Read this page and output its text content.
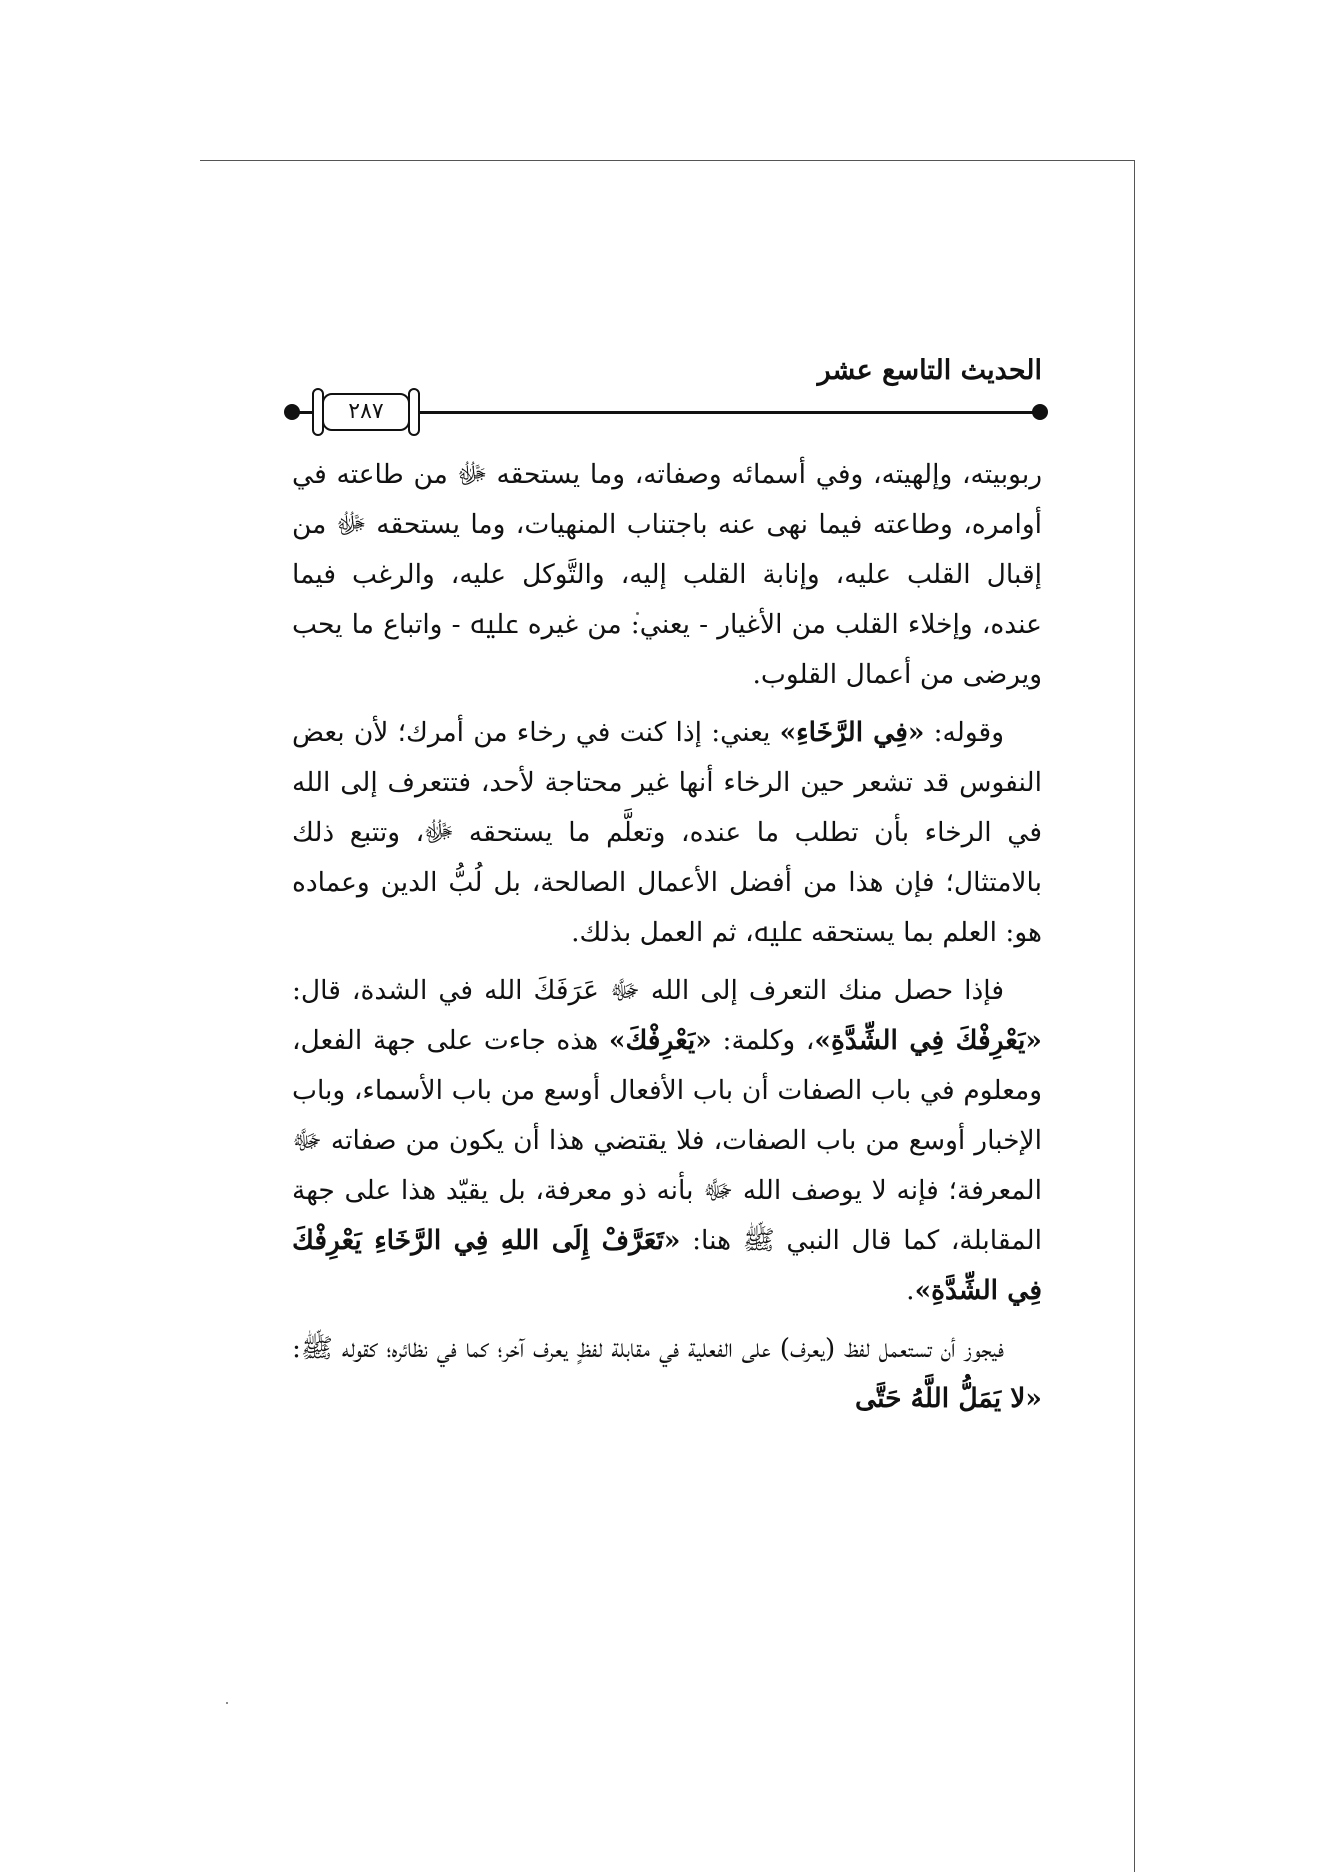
الحديث التاسع عشر
٢٨٧

ربوبيته، وإلهيته، وفي أسمائه وصفاته، وما يستحقه ﷻ من طاعته في أوامره، وطاعته فيما نهى عنه باجتناب المنهيات، وما يستحقه ﷻ من إقبال القلب عليه، وإنابة القلب إليه، والتَّوكل عليه، والرغب فيما عنده، وإخلاء القلب من الأغيار - يعني: من غيره ﷷ - واتباع ما يحب ويرضى من أعمال القلوب.

وقوله: «فِي الرَّخَاءِ» يعني: إذا كنت في رخاء من أمرك؛ لأن بعض النفوس قد تشعر حين الرخاء أنها غير محتاجة لأحد، فتتعرف إلى الله في الرخاء بأن تطلب ما عنده، وتعلَّم ما يستحقه ﷻ، وتتبع ذلك بالامتثال؛ فإن هذا من أفضل الأعمال الصالحة، بل لُبُّ الدين وعماده هو: العلم بما يستحقه ﷷ، ثم العمل بذلك.

فإذا حصل منك التعرف إلى الله ﷻ عَرَفَكَ الله في الشدة، قال: «يَعْرِفْكَ فِي الشِّدَّةِ»، وكلمة: «يَعْرِفْكَ» هذه جاءت على جهة الفعل، ومعلوم في باب الصفات أن باب الأفعال أوسع من باب الأسماء، وباب الإخبار أوسع من باب الصفات، فلا يقتضي هذا أن يكون من صفاته ﷻ المعرفة؛ فإنه لا يوصف الله ﷻ بأنه ذو معرفة، بل يقيّد هذا على جهة المقابلة، كما قال النبي ﷺ هنا: «تَعَرَّفْ إِلَى اللهِ فِي الرَّخَاءِ يَعْرِفْكَ فِي الشِّدَّةِ».

فيجوز أن تستعمل لفظ (يعرف) على الفعلية في مقابلة لفظٍ يعرف آخر؛ كما في نظائره؛ كقوله ﷺ: «لا يَمَلُّ اللَّهُ حَتَّى
